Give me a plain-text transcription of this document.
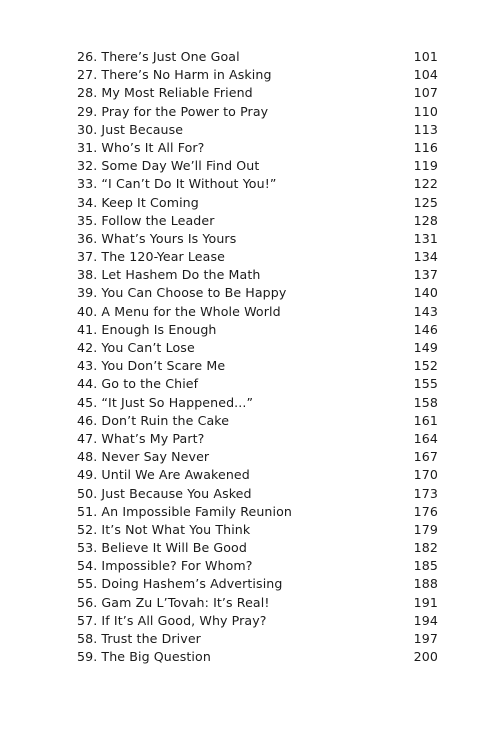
26. There’s Just One Goal	101
27. There’s No Harm in Asking	104
28. My Most Reliable Friend	107
29. Pray for the Power to Pray	110
30. Just Because	113
31. Who’s It All For?	116
32. Some Day We’ll Find Out	119
33. “I Can’t Do It Without You!”	122
34. Keep It Coming	125
35. Follow the Leader	128
36. What’s Yours Is Yours	131
37. The 120-Year Lease	134
38. Let Hashem Do the Math	137
39. You Can Choose to Be Happy	140
40. A Menu for the Whole World	143
41. Enough Is Enough	146
42. You Can’t Lose	149
43. You Don’t Scare Me	152
44. Go to the Chief	155
45. “It Just So Happened...”	158
46. Don’t Ruin the Cake	161
47. What’s My Part?	164
48. Never Say Never	167
49. Until We Are Awakened	170
50. Just Because You Asked	173
51. An Impossible Family Reunion	176
52. It’s Not What You Think	179
53. Believe It Will Be Good	182
54. Impossible? For Whom?	185
55. Doing Hashem’s Advertising	188
56. Gam Zu L’Tovah: It’s Real!	191
57. If It’s All Good, Why Pray?	194
58. Trust the Driver	197
59. The Big Question	200
